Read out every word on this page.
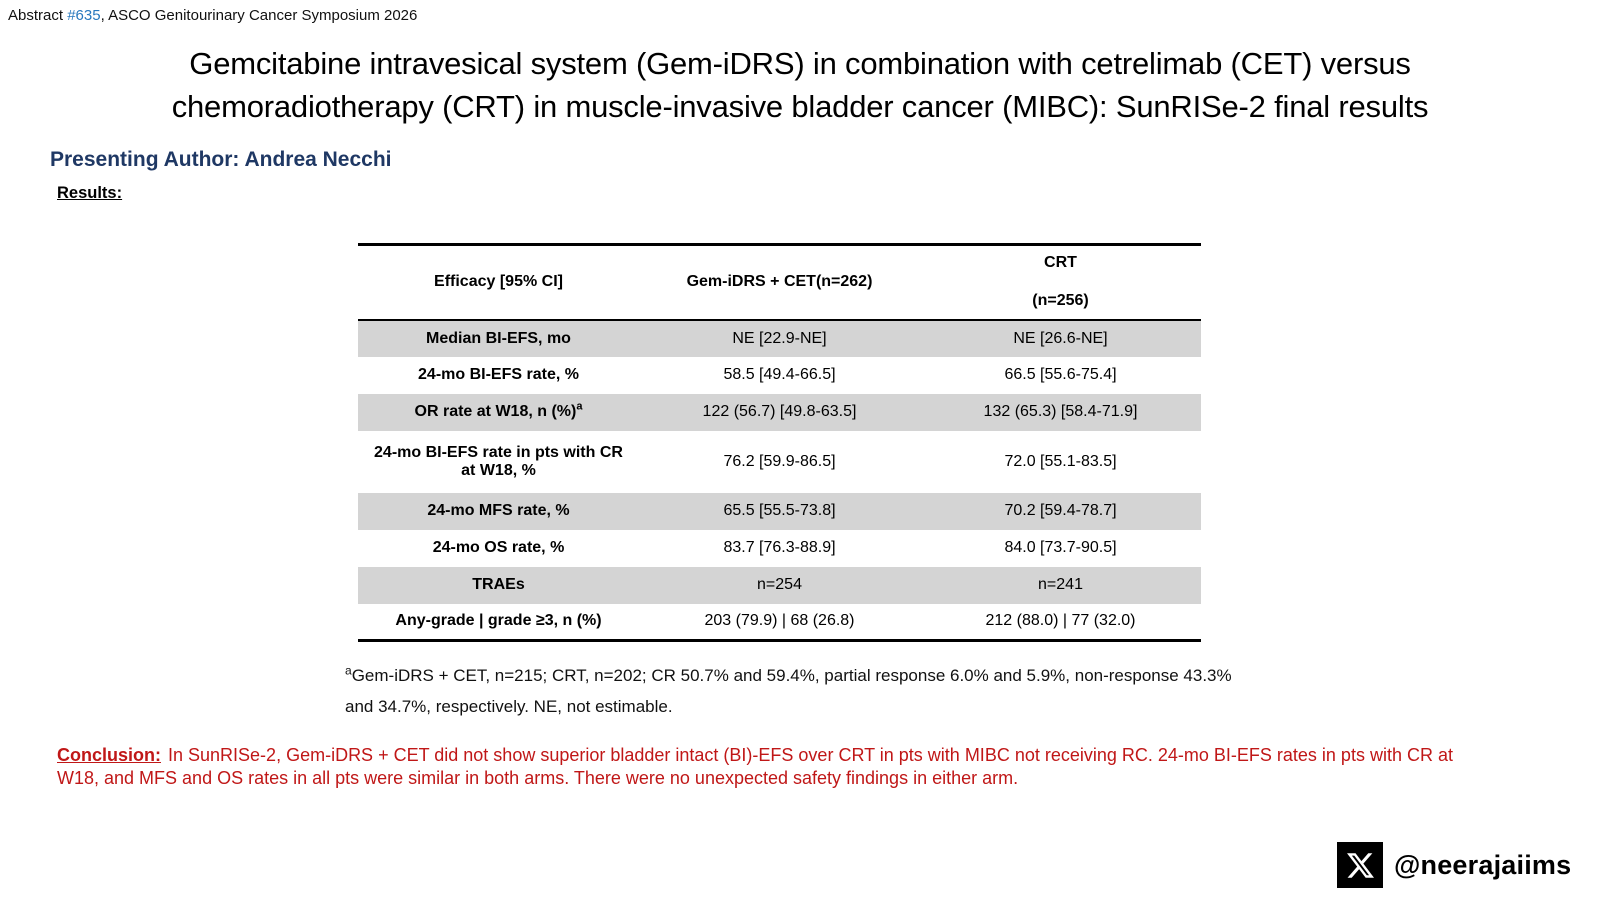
Abstract #635, ASCO Genitourinary Cancer Symposium 2026
Gemcitabine intravesical system (Gem-iDRS) in combination with cetrelimab (CET) versus
chemoradiotherapy (CRT) in muscle-invasive bladder cancer (MIBC): SunRISe-2 final results
Presenting Author: Andrea Necchi
Results:
Efficacy [95% CI]	Gem-iDRS + CET(n=262)	CRT
(n=256)

Median BI-EFS, mo	NE [22.9-NE]	NE [26.6-NE]
24-mo BI-EFS rate, %	58.5 [49.4-66.5]	66.5 [55.6-75.4]
OR rate at W18, n (%)$^a$	122 (56.7) [49.8-63.5]	132 (65.3) [58.4-71.9]

24-mo BI-EFS rate in pts with CR
at W18, %	76.2 [59.9-86.5]	72.0 [55.1-83.5]
24-mo MFS rate, %	65.5 [55.5-73.8]	70.2 [59.4-78.7]
24-mo OS rate, %	83.7 [76.3-88.9]	84.0 [73.7-90.5]
TRAEs	n=254	n=241
Any-grade | grade ≥3, n (%)	203 (79.9) | 68 (26.8)	212 (88.0) | 77 (32.0)
$^a$Gem-iDRS + CET, n=215; CRT, n=202; CR 50.7% and 59.4%, partial response 6.0% and 5.9%, non-response 43.3% and 34.7%, respectively. NE, not estimable.
Conclusion: In SunRISe-2, Gem-iDRS + CET did not show superior bladder intact (BI)-EFS over CRT in pts with MIBC not receiving RC. 24-mo BI-EFS rates in pts with CR at W18, and MFS and OS rates in all pts were similar in both arms. There were no unexpected safety findings in either arm.
@neerajaiims
